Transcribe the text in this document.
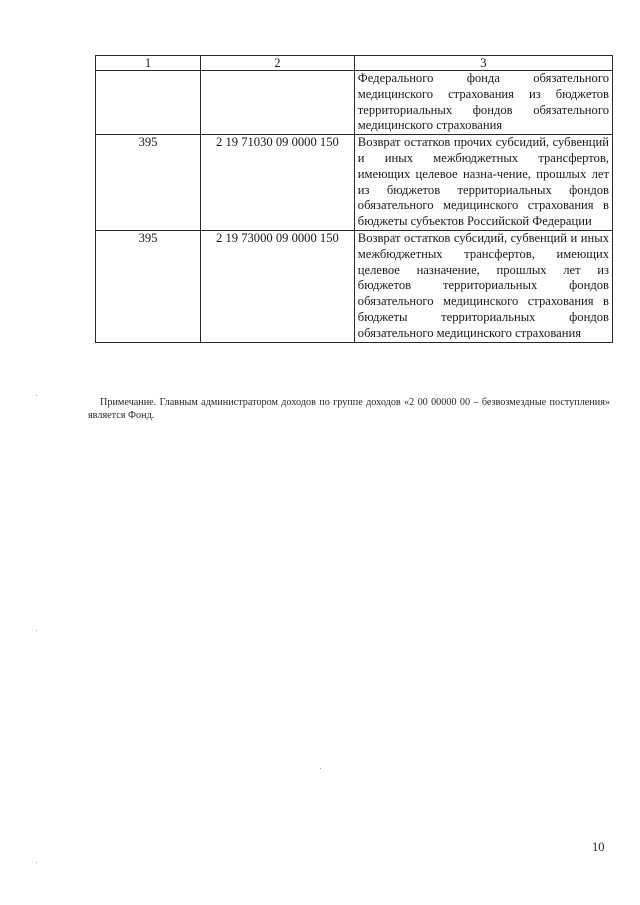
1	2	3
		Федерального фонда обязательного медицинского страхования из бюджетов территориальных фондов обязательного медицинского страхования
395	2 19 71030 09 0000 150	Возврат остатков прочих субсидий, субвенций и иных межбюджетных трансфертов, имеющих целевое назна-чение, прошлых лет из бюджетов территориальных фондов обязательного медицинского страхования в бюджеты субъектов Российской Федерации
395	2 19 73000 09 0000 150	Возврат остатков субсидий, субвенций и иных межбюджетных трансфертов, имеющих целевое назначение, прошлых лет из бюджетов территориальных фондов обязательного медицинского страхования в бюджеты территориальных фондов обязательного медицинского страхования
Примечание. Главным администратором доходов по группе доходов «2 00 00000 00 – безвозмездные поступления» является Фонд.
10
